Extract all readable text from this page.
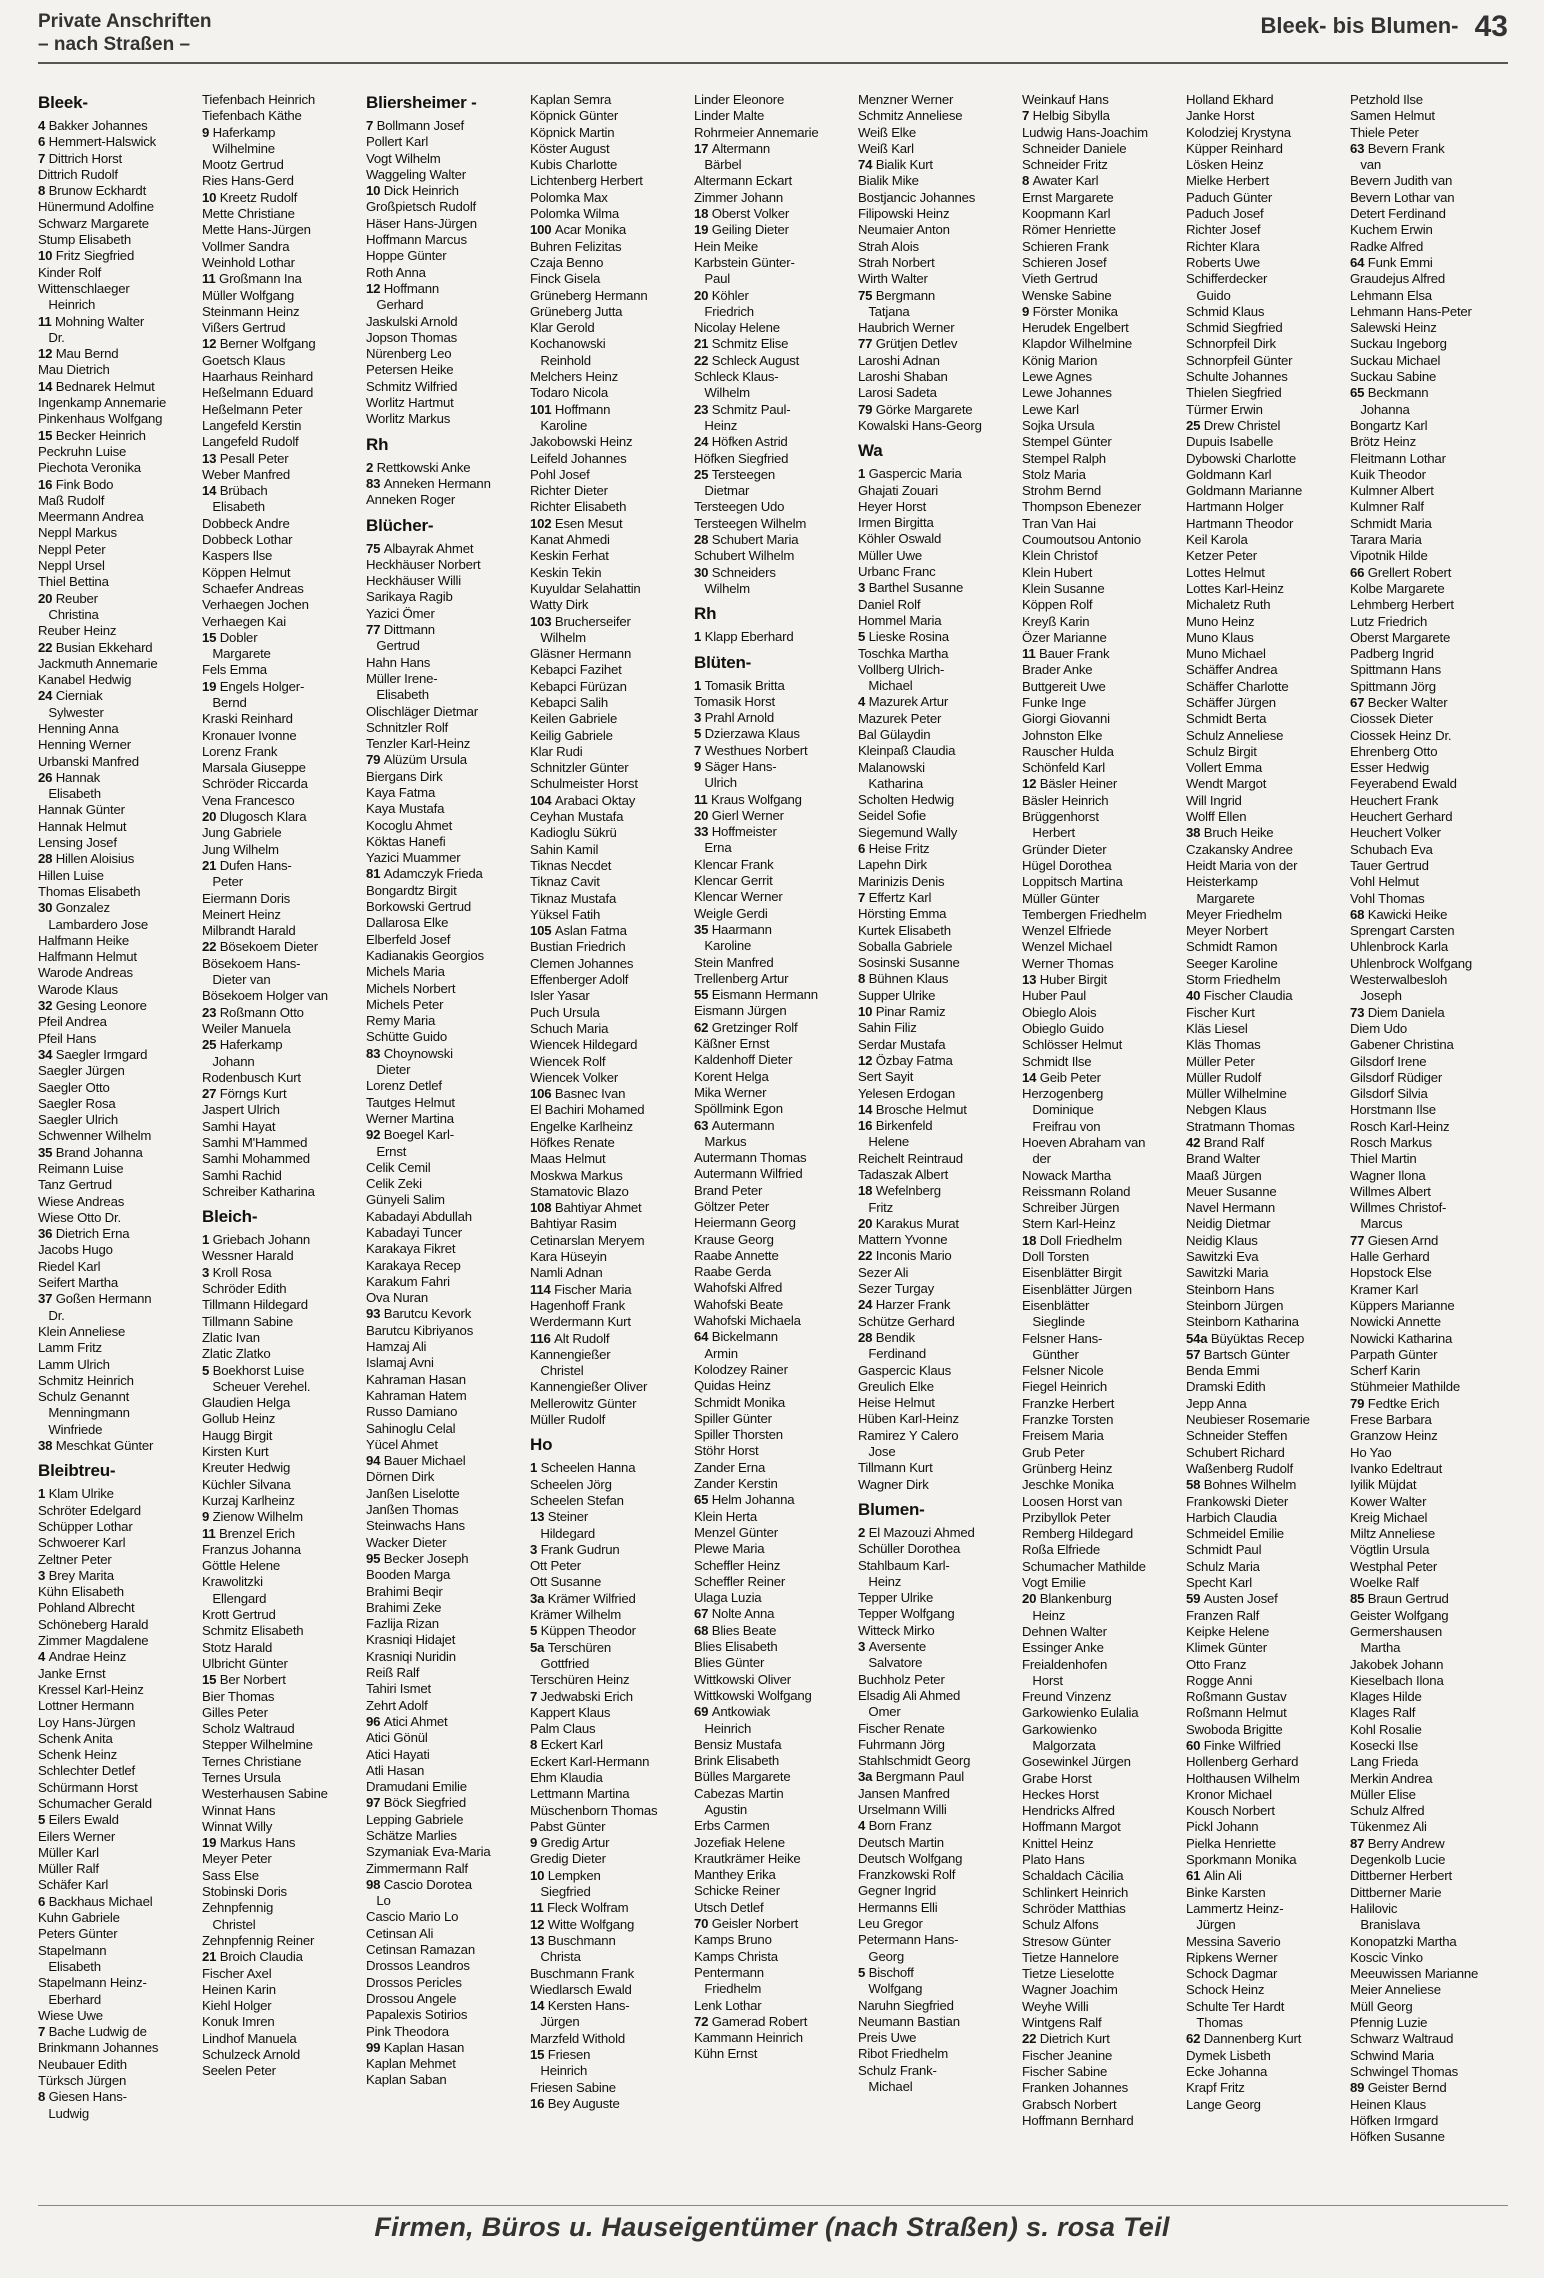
Private Anschriften
– nach Straßen –
Bleek- bis Blumen- 43
Bleek-
4 Bakker Johannes
6 Hemmert-Halswick
7 Dittrich Horst
Dittrich Rudolf
8 Brunow Eckhardt
Hünermund Adolfine
Schwarz Margarete
Stump Elisabeth
10 Fritz Siegfried
Kinder Rolf
Wittenschlaeger
Heinrich
11 Mohning Walter
Dr.
12 Mau Bernd
Mau Dietrich
14 Bednarek Helmut
Ingenkamp Annemarie
Pinkenhaus Wolfgang
15 Becker Heinrich
Peckruhn Luise
Piechota Veronika
16 Fink Bodo
Maß Rudolf
Meermann Andrea
Neppl Markus
Neppl Peter
Neppl Ursel
Thiel Bettina
20 Reuber
Christina
Reuber Heinz
22 Busian Ekkehard
Jackmuth Annemarie
Kanabel Hedwig
24 Cierniak
Sylwester
Henning Anna
Henning Werner
Urbanski Manfred
26 Hannak
Elisabeth
Hannak Günter
Hannak Helmut
Lensing Josef
28 Hillen Aloisius
Hillen Luise
Thomas Elisabeth
30 Gonzalez
Lambardero Jose
Halfmann Heike
Halfmann Helmut
Warode Andreas
Warode Klaus
32 Gesing Leonore
Pfeil Andrea
Pfeil Hans
34 Saegler Irmgard
Saegler Jürgen
Saegler Otto
Saegler Rosa
Saegler Ulrich
Schwenner Wilhelm
35 Brand Johanna
Reimann Luise
Tanz Gertrud
Wiese Andreas
Wiese Otto Dr.
36 Dietrich Erna
Jacobs Hugo
Riedel Karl
Seifert Martha
37 Goßen Hermann
Dr.
Klein Anneliese
Lamm Fritz
Lamm Ulrich
Schmitz Heinrich
Schulz Genannt
Menningmann
Winfriede
38 Meschkat Günter
Bleibtreu-
1 Klam Ulrike
Schröter Edelgard
Schüpper Lothar
Schwoerer Karl
Zeltner Peter
3 Brey Marita
Kühn Elisabeth
Pohland Albrecht
Schöneberg Harald
Zimmer Magdalene
4 Andrae Heinz
Janke Ernst
Kressel Karl-Heinz
Lottner Hermann
Loy Hans-Jürgen
Schenk Anita
Schenk Heinz
Schlechter Detlef
Schürmann Horst
Schumacher Gerald
5 Eilers Ewald
Eilers Werner
Müller Karl
Müller Ralf
Schäfer Karl
6 Backhaus Michael
Kuhn Gabriele
Peters Günter
Stapelmann
Elisabeth
Stapelmann Heinz-
Eberhard
Wiese Uwe
7 Bache Ludwig de
Brinkmann Johannes
Neubauer Edith
Türksch Jürgen
8 Giesen Hans-
Ludwig
Tiefenbach Heinrich
Tiefenbach Käthe
9 Haferkamp
Wilhelmine
Mootz Gertrud
Ries Hans-Gerd
10 Kreetz Rudolf
Mette Christiane
Mette Hans-Jürgen
Vollmer Sandra
Weinhold Lothar
11 Großmann Ina
Müller Wolfgang
Steinmann Heinz
Vißers Gertrud
12 Berner Wolfgang
Goetsch Klaus
Haarhaus Reinhard
Heßelmann Eduard
Heßelmann Peter
Langefeld Kerstin
Langefeld Rudolf
13 Pesall Peter
Weber Manfred
14 Brübach
Elisabeth
Dobbeck Andre
Dobbeck Lothar
Kaspers Ilse
Köppen Helmut
Schaefer Andreas
Verhaegen Jochen
Verhaegen Kai
15 Dobler
Margarete
Fels Emma
19 Engels Holger-
Bernd
Kraski Reinhard
Kronauer Ivonne
Lorenz Frank
Marsala Giuseppe
Schröder Riccarda
Vena Francesco
20 Dlugosch Klara
Jung Gabriele
Jung Wilhelm
21 Dufen Hans-
Peter
Eiermann Doris
Meinert Heinz
Milbrandt Harald
22 Bösekoem Dieter
Bösekoem Hans-
Dieter van
Bösekoem Holger van
23 Roßmann Otto
Weiler Manuela
25 Haferkamp
Johann
Rodenbusch Kurt
27 Förngs Kurt
Jaspert Ulrich
Samhi Hayat
Samhi M'Hammed
Samhi Mohammed
Samhi Rachid
Schreiber Katharina
Bleich-
1 Griebach Johann
Wessner Harald
3 Kroll Rosa
Schröder Edith
Tillmann Hildegard
Tillmann Sabine
Zlatic Ivan
Zlatic Zlatko
5 Boekhorst Luise
Scheuer Verehel.
Glaudien Helga
Gollub Heinz
Haugg Birgit
Kirsten Kurt
Kreuter Hedwig
Küchler Silvana
Kurzaj Karlheinz
9 Zienow Wilhelm
11 Brenzel Erich
Franzus Johanna
Göttle Helene
Krawolitzki
Ellengard
Krott Gertrud
Schmitz Elisabeth
Stotz Harald
Ulbricht Günter
15 Ber Norbert
Bier Thomas
Gilles Peter
Scholz Waltraud
Stepper Wilhelmine
Ternes Christiane
Ternes Ursula
Westerhausen Sabine
Winnat Hans
Winnat Willy
19 Markus Hans
Meyer Peter
Sass Else
Stobinski Doris
Zehnpfennig
Christel
Zehnpfennig Reiner
21 Broich Claudia
Fischer Axel
Heinen Karin
Kiehl Holger
Konuk Imren
Lindhof Manuela
Schulzeck Arnold
Seelen Peter
Bliersheimer -
7 Bollmann Josef
Pollert Karl
Vogt Wilhelm
Waggeling Walter
10 Dick Heinrich
Großpietsch Rudolf
Häser Hans-Jürgen
Hoffmann Marcus
Hoppe Günter
Roth Anna
12 Hoffmann
Gerhard
Jaskulski Arnold
Jopson Thomas
Nürenberg Leo
Petersen Heike
Schmitz Wilfried
Worlitz Hartmut
Worlitz Markus
Rh
2 Rettkowski Anke
83 Anneken Hermann
Anneken Roger
Blücher-
75 Albayrak Ahmet
Heckhäuser Norbert
Heckhäuser Willi
Sarikaya Ragib
Yazici Ömer
77 Dittmann
Gertrud
Hahn Hans
Müller Irene-
Elisabeth
Olischläger Dietmar
Schnitzler Rolf
Tenzler Karl-Heinz
79 Alüzüm Ursula
Biergans Dirk
Kaya Fatma
Kaya Mustafa
Kocoglu Ahmet
Köktas Hanefi
Yazici Muammer
81 Adamczyk Frieda
Bongardtz Birgit
Borkowski Gertrud
Dallarosa Elke
Elberfeld Josef
Kadianakis Georgios
Michels Maria
Michels Norbert
Michels Peter
Remy Maria
Schütte Guido
83 Choynowski
Dieter
Lorenz Detlef
Tautges Helmut
Werner Martina
92 Boegel Karl-
Ernst
Celik Cemil
Celik Zeki
Günyeli Salim
Kabadayi Abdullah
Kabadayi Tuncer
Karakaya Fikret
Karakaya Recep
Karakum Fahri
Ova Nuran
93 Barutcu Kevork
Barutcu Kibriyanos
Hamzaj Ali
Islamaj Avni
Kahraman Hasan
Kahraman Hatem
Russo Damiano
Sahinoglu Celal
Yücel Ahmet
94 Bauer Michael
Dörnen Dirk
Janßen Liselotte
Janßen Thomas
Steinwachs Hans
Wacker Dieter
95 Becker Joseph
Booden Marga
Brahimi Beqir
Brahimi Zeke
Fazlija Rizan
Krasniqi Hidajet
Krasniqi Nuridin
Reiß Ralf
Tahiri Ismet
Zehrt Adolf
96 Atici Ahmet
Atici Gönül
Atici Hayati
Atli Hasan
Dramudani Emilie
97 Böck Siegfried
Lepping Gabriele
Schätze Marlies
Szymaniak Eva-Maria
Zimmermann Ralf
98 Cascio Dorotea
Lo
Cascio Mario Lo
Cetinsan Ali
Cetinsan Ramazan
Drossos Leandros
Drossos Pericles
Drossou Angele
Papalexis Sotirios
Pink Theodora
99 Kaplan Hasan
Kaplan Mehmet
Kaplan Saban
Kaplan Semra
Köpnick Günter
Köpnick Martin
Köster August
Kubis Charlotte
Lichtenberg Herbert
Polomka Max
Polomka Wilma
100 Acar Monika
Buhren Felizitas
Czaja Benno
Finck Gisela
Grüneberg Hermann
Grüneberg Jutta
Klar Gerold
Kochanowski
Reinhold
Melchers Heinz
Todaro Nicola
101 Hoffmann
Karoline
Jakobowski Heinz
Leifeld Johannes
Pohl Josef
Richter Dieter
Richter Elisabeth
102 Esen Mesut
Kanat Ahmedi
Keskin Ferhat
Keskin Tekin
Kuyuldar Selahattin
Watty Dirk
103 Brucherseifer
Wilhelm
Gläsner Hermann
Kebapci Fazihet
Kebapci Fürüzan
Kebapci Salih
Keilen Gabriele
Keilig Gabriele
Klar Rudi
Schnitzler Günter
Schulmeister Horst
104 Arabaci Oktay
Ceyhan Mustafa
Kadioglu Sükrü
Sahin Kamil
Tiknas Necdet
Tiknaz Cavit
Tiknaz Mustafa
Yüksel Fatih
105 Aslan Fatma
Bustian Friedrich
Clemen Johannes
Effenberger Adolf
Isler Yasar
Puch Ursula
Schuch Maria
Wiencek Hildegard
Wiencek Rolf
Wiencek Volker
106 Basnec Ivan
El Bachiri Mohamed
Engelke Karlheinz
Höfkes Renate
Maas Helmut
Moskwa Markus
Stamatovic Blazo
108 Bahtiyar Ahmet
Bahtiyar Rasim
Cetinarslan Meryem
Kara Hüseyin
Namli Adnan
114 Fischer Maria
Hagenhoff Frank
Werdermann Kurt
116 Alt Rudolf
Kannengießer
Christel
Kannengießer Oliver
Mellerowitz Günter
Müller Rudolf
Ho
1 Scheelen Hanna
Scheelen Jörg
Scheelen Stefan
13 Steiner
Hildegard
3 Frank Gudrun
Ott Peter
Ott Susanne
3a Krämer Wilfried
Krämer Wilhelm
5 Küppen Theodor
5a Terschüren
Gottfried
Terschüren Heinz
7 Jedwabski Erich
Kappert Klaus
Palm Claus
8 Eckert Karl
Eckert Karl-Hermann
Ehm Klaudia
Lettmann Martina
Müschenborn Thomas
Pabst Günter
9 Gredig Artur
Gredig Dieter
10 Lempken
Siegfried
11 Fleck Wolfram
12 Witte Wolfgang
13 Buschmann
Christa
Buschmann Frank
Wiedlarsch Ewald
14 Kersten Hans-
Jürgen
Marzfeld Withold
15 Friesen
Heinrich
Friesen Sabine
16 Bey Auguste
Linder Eleonore
Linder Malte
Rohrmeier Annemarie
17 Altermann
Bärbel
Altermann Eckart
Zimmer Johann
18 Oberst Volker
19 Geiling Dieter
Hein Meike
Karbstein Günter-
Paul
20 Köhler
Friedrich
Nicolay Helene
21 Schmitz Elise
22 Schleck August
Schleck Klaus-
Wilhelm
23 Schmitz Paul-
Heinz
24 Höfken Astrid
Höfken Siegfried
25 Tersteegen
Dietmar
Tersteegen Udo
Tersteegen Wilhelm
28 Schubert Maria
Schubert Wilhelm
30 Schneiders
Wilhelm
Rh
1 Klapp Eberhard
Blüten-
1 Tomasik Britta
Tomasik Horst
3 Prahl Arnold
5 Dzierzawa Klaus
7 Westhues Norbert
9 Säger Hans-
Ulrich
11 Kraus Wolfgang
20 Gierl Werner
33 Hoffmeister
Erna
Klencar Frank
Klencar Gerrit
Klencar Werner
Weigle Gerdi
35 Haarmann
Karoline
Stein Manfred
Trellenberg Artur
55 Eismann Hermann
Eismann Jürgen
62 Gretzinger Rolf
Käßner Ernst
Kaldenhoff Dieter
Korent Helga
Mika Werner
Spöllmink Egon
63 Autermann
Markus
Autermann Thomas
Autermann Wilfried
Brand Peter
Göltzer Peter
Heiermann Georg
Krause Georg
Raabe Annette
Raabe Gerda
Wahofski Alfred
Wahofski Beate
Wahofski Michaela
64 Bickelmann
Armin
Kolodzey Rainer
Quidas Heinz
Schmidt Monika
Spiller Günter
Spiller Thorsten
Stöhr Horst
Zander Erna
Zander Kerstin
65 Helm Johanna
Klein Herta
Menzel Günter
Plewe Maria
Scheffler Heinz
Scheffler Reiner
Ulaga Luzia
67 Nolte Anna
68 Blies Beate
Blies Elisabeth
Blies Günter
Wittkowski Oliver
Wittkowski Wolfgang
69 Antkowiak
Heinrich
Bensiz Mustafa
Brink Elisabeth
Bülles Margarete
Cabezas Martin
Agustin
Erbs Carmen
Jozefiak Helene
Krautkrämer Heike
Manthey Erika
Schicke Reiner
Utsch Detlef
70 Geisler Norbert
Kamps Bruno
Kamps Christa
Pentermann
Friedhelm
Lenk Lothar
72 Gamerad Robert
Kammann Heinrich
Kühn Ernst
Menzner Werner
Schmitz Anneliese
Weiß Elke
Weiß Karl
74 Bialik Kurt
Bialik Mike
Bostjancic Johannes
Filipowski Heinz
Neumaier Anton
Strah Alois
Strah Norbert
Wirth Walter
75 Bergmann
Tatjana
Haubrich Werner
77 Grütjen Detlev
Laroshi Adnan
Laroshi Shaban
Larosi Sadeta
79 Görke Margarete
Kowalski Hans-Georg
Wa
1 Gaspercic Maria
Ghajati Zouari
Heyer Horst
Irmen Birgitta
Köhler Oswald
Müller Uwe
Urbanc Franc
3 Barthel Susanne
Daniel Rolf
Hommel Maria
5 Lieske Rosina
Toschka Martha
Vollberg Ulrich-
Michael
4 Mazurek Artur
Mazurek Peter
Bal Gülaydin
Kleinpaß Claudia
Malanowski
Katharina
Scholten Hedwig
Seidel Sofie
Siegemund Wally
6 Heise Fritz
Lapehn Dirk
Marinizis Denis
7 Effertz Karl
Hörsting Emma
Kurtek Elisabeth
Soballa Gabriele
Sosinski Susanne
8 Bühnen Klaus
Supper Ulrike
10 Pinar Ramiz
Sahin Filiz
Serdar Mustafa
12 Özbay Fatma
Sert Sayit
Yelesen Erdogan
14 Brosche Helmut
16 Birkenfeld
Helene
Reichelt Reintraud
Tadaszak Albert
18 Wefelnberg
Fritz
20 Karakus Murat
Mattern Yvonne
22 Inconis Mario
Sezer Ali
Sezer Turgay
24 Harzer Frank
Schütze Gerhard
28 Bendik
Ferdinand
Gaspercic Klaus
Greulich Elke
Heise Helmut
Hüben Karl-Heinz
Ramirez Y Calero
Jose
Tillmann Kurt
Wagner Dirk
Blumen-
2 El Mazouzi Ahmed
Schüller Dorothea
Stahlbaum Karl-
Heinz
Tepper Ulrike
Tepper Wolfgang
Witteck Mirko
3 Aversente
Salvatore
Buchholz Peter
Elsadig Ali Ahmed
Omer
Fischer Renate
Fuhrmann Jörg
Stahlschmidt Georg
3a Bergmann Paul
Jansen Manfred
Urselmann Willi
4 Born Franz
Deutsch Martin
Deutsch Wolfgang
Franzkowski Rolf
Gegner Ingrid
Hermanns Elli
Leu Gregor
Petermann Hans-
Georg
5 Bischoff
Wolfgang
Naruhn Siegfried
Neumann Bastian
Preis Uwe
Ribot Friedhelm
Schulz Frank-
Michael
Weinkauf Hans
7 Helbig Sibylla
Ludwig Hans-Joachim
Schneider Daniele
Schneider Fritz
8 Awater Karl
Ernst Margarete
Koopmann Karl
Römer Henriette
Schieren Frank
Schieren Josef
Vieth Gertrud
Wenske Sabine
9 Förster Monika
Herudek Engelbert
Klapdor Wilhelmine
König Marion
Lewe Agnes
Lewe Johannes
Lewe Karl
Sojka Ursula
Stempel Günter
Stempel Ralph
Stolz Maria
Strohm Bernd
Thompson Ebenezer
Tran Van Hai
Coumoutsou Antonio
Klein Christof
Klein Hubert
Klein Susanne
Köppen Rolf
Kreyß Karin
Özer Marianne
11 Bauer Frank
Brader Anke
Buttgereit Uwe
Funke Inge
Giorgi Giovanni
Johnston Elke
Rauscher Hulda
Schönfeld Karl
12 Bäsler Heiner
Bäsler Heinrich
Brüggenhorst
Herbert
Gründer Dieter
Hügel Dorothea
Loppitsch Martina
Müller Günter
Tembergen Friedhelm
Wenzel Elfriede
Wenzel Michael
Werner Thomas
13 Huber Birgit
Huber Paul
Obieglo Alois
Obieglo Guido
Schlösser Helmut
Schmidt Ilse
14 Geib Peter
Herzogenberg
Dominique
Freifrau von
Hoeven Abraham van
der
Nowack Martha
Reissmann Roland
Schreiber Jürgen
Stern Karl-Heinz
18 Doll Friedhelm
Doll Torsten
Eisenblätter Birgit
Eisenblätter Jürgen
Eisenblätter
Sieglinde
Felsner Hans-
Günther
Felsner Nicole
Fiegel Heinrich
Franzke Herbert
Franzke Torsten
Freisem Maria
Grub Peter
Grünberg Heinz
Jeschke Monika
Loosen Horst van
Przibyllok Peter
Remberg Hildegard
Roßa Elfriede
Schumacher Mathilde
Vogt Emilie
20 Blankenburg
Heinz
Dehnen Walter
Essinger Anke
Freialdenhofen
Horst
Freund Vinzenz
Garkowienko Eulalia
Garkowienko
Malgorzata
Gosewinkel Jürgen
Grabe Horst
Heckes Horst
Hendricks Alfred
Hoffmann Margot
Knittel Heinz
Plato Hans
Schaldach Cäcilia
Schlinkert Heinrich
Schröder Matthias
Schulz Alfons
Stresow Günter
Tietze Hannelore
Tietze Lieselotte
Wagner Joachim
Weyhe Willi
Wintgens Ralf
22 Dietrich Kurt
Fischer Jeanine
Fischer Sabine
Franken Johannes
Grabsch Norbert
Hoffmann Bernhard
Holland Ekhard
Janke Horst
Kolodziej Krystyna
Küpper Reinhard
Lösken Heinz
Mielke Herbert
Paduch Günter
Paduch Josef
Richter Josef
Richter Klara
Roberts Uwe
Schifferdecker
Guido
Schmid Klaus
Schmid Siegfried
Schnorpfeil Dirk
Schnorpfeil Günter
Schulte Johannes
Thielen Siegfried
Türmer Erwin
25 Drew Christel
Dupuis Isabelle
Dybowski Charlotte
Goldmann Karl
Goldmann Marianne
Hartmann Holger
Hartmann Theodor
Keil Karola
Ketzer Peter
Lottes Helmut
Lottes Karl-Heinz
Michaletz Ruth
Muno Heinz
Muno Klaus
Muno Michael
Schäffer Andrea
Schäffer Charlotte
Schäffer Jürgen
Schmidt Berta
Schulz Anneliese
Schulz Birgit
Vollert Emma
Wendt Margot
Will Ingrid
Wolff Ellen
38 Bruch Heike
Czakansky Andree
Heidt Maria von der
Heisterkamp
Margarete
Meyer Friedhelm
Meyer Norbert
Schmidt Ramon
Seeger Karoline
Storm Friedhelm
40 Fischer Claudia
Fischer Kurt
Kläs Liesel
Kläs Thomas
Müller Peter
Müller Rudolf
Müller Wilhelmine
Nebgen Klaus
Stratmann Thomas
42 Brand Ralf
Brand Walter
Maaß Jürgen
Meuer Susanne
Navel Hermann
Neidig Dietmar
Neidig Klaus
Sawitzki Eva
Sawitzki Maria
Steinborn Hans
Steinborn Jürgen
Steinborn Katharina
54a Büyüktas Recep
57 Bartsch Günter
Benda Emmi
Dramski Edith
Jepp Anna
Neubieser Rosemarie
Schneider Steffen
Schubert Richard
Waßenberg Rudolf
58 Bohnes Wilhelm
Frankowski Dieter
Harbich Claudia
Schmeidel Emilie
Schmidt Paul
Schulz Maria
Specht Karl
59 Austen Josef
Franzen Ralf
Keipke Helene
Klimek Günter
Otto Franz
Rogge Anni
Roßmann Gustav
Roßmann Helmut
Swoboda Brigitte
60 Finke Wilfried
Hollenberg Gerhard
Holthausen Wilhelm
Kronor Michael
Kousch Norbert
Pickl Johann
Pielka Henriette
Sporkmann Monika
61 Alin Ali
Binke Karsten
Lammertz Heinz-
Jürgen
Messina Saverio
Ripkens Werner
Schock Dagmar
Schock Heinz
Schulte Ter Hardt
Thomas
62 Dannenberg Kurt
Dymek Lisbeth
Ecke Johanna
Krapf Fritz
Lange Georg
Petzhold Ilse
Samen Helmut
Thiele Peter
63 Bevern Frank
van
Bevern Judith van
Bevern Lothar van
Detert Ferdinand
Kuchem Erwin
Radke Alfred
64 Funk Emmi
Graudejus Alfred
Lehmann Elsa
Lehmann Hans-Peter
Salewski Heinz
Suckau Ingeborg
Suckau Michael
Suckau Sabine
65 Beckmann
Johanna
Bongartz Karl
Brötz Heinz
Fleitmann Lothar
Kuik Theodor
Kulmner Albert
Kulmner Ralf
Schmidt Maria
Tarara Maria
Vipotnik Hilde
66 Grellert Robert
Kolbe Margarete
Lehmberg Herbert
Lutz Friedrich
Oberst Margarete
Padberg Ingrid
Spittmann Hans
Spittmann Jörg
67 Becker Walter
Ciossek Dieter
Ciossek Heinz Dr.
Ehrenberg Otto
Esser Hedwig
Feyerabend Ewald
Heuchert Frank
Heuchert Gerhard
Heuchert Volker
Schubach Eva
Tauer Gertrud
Vohl Helmut
Vohl Thomas
68 Kawicki Heike
Sprengart Carsten
Uhlenbrock Karla
Uhlenbrock Wolfgang
Westerwalbesloh
Joseph
73 Diem Daniela
Diem Udo
Gabener Christina
Gilsdorf Irene
Gilsdorf Rüdiger
Gilsdorf Silvia
Horstmann Ilse
Rosch Karl-Heinz
Rosch Markus
Thiel Martin
Wagner Ilona
Willmes Albert
Willmes Christof-
Marcus
77 Giesen Arnd
Halle Gerhard
Hopstock Else
Kramer Karl
Küppers Marianne
Nowicki Annette
Nowicki Katharina
Parpath Günter
Scherf Karin
Stühmeier Mathilde
79 Fedtke Erich
Frese Barbara
Granzow Heinz
Ho Yao
Ivanko Edeltraut
Iyilik Müjdat
Kower Walter
Kreig Michael
Miltz Anneliese
Vögtlin Ursula
Westphal Peter
Woelke Ralf
85 Braun Gertrud
Geister Wolfgang
Germershausen
Martha
Jakobek Johann
Kieselbach Ilona
Klages Hilde
Klages Ralf
Kohl Rosalie
Kosecki Ilse
Lang Frieda
Merkin Andrea
Müller Elise
Schulz Alfred
Tükenmez Ali
87 Berry Andrew
Degenkolb Lucie
Dittberner Herbert
Dittberner Marie
Halilovic
Branislava
Konopatzki Martha
Koscic Vinko
Meeuwissen Marianne
Meier Anneliese
Müll Georg
Pfennig Luzie
Schwarz Waltraud
Schwind Maria
Schwingel Thomas
89 Geister Bernd
Heinen Klaus
Höfken Irmgard
Höfken Susanne
Firmen, Büros u. Hauseigentümer (nach Straßen) s. rosa Teil
